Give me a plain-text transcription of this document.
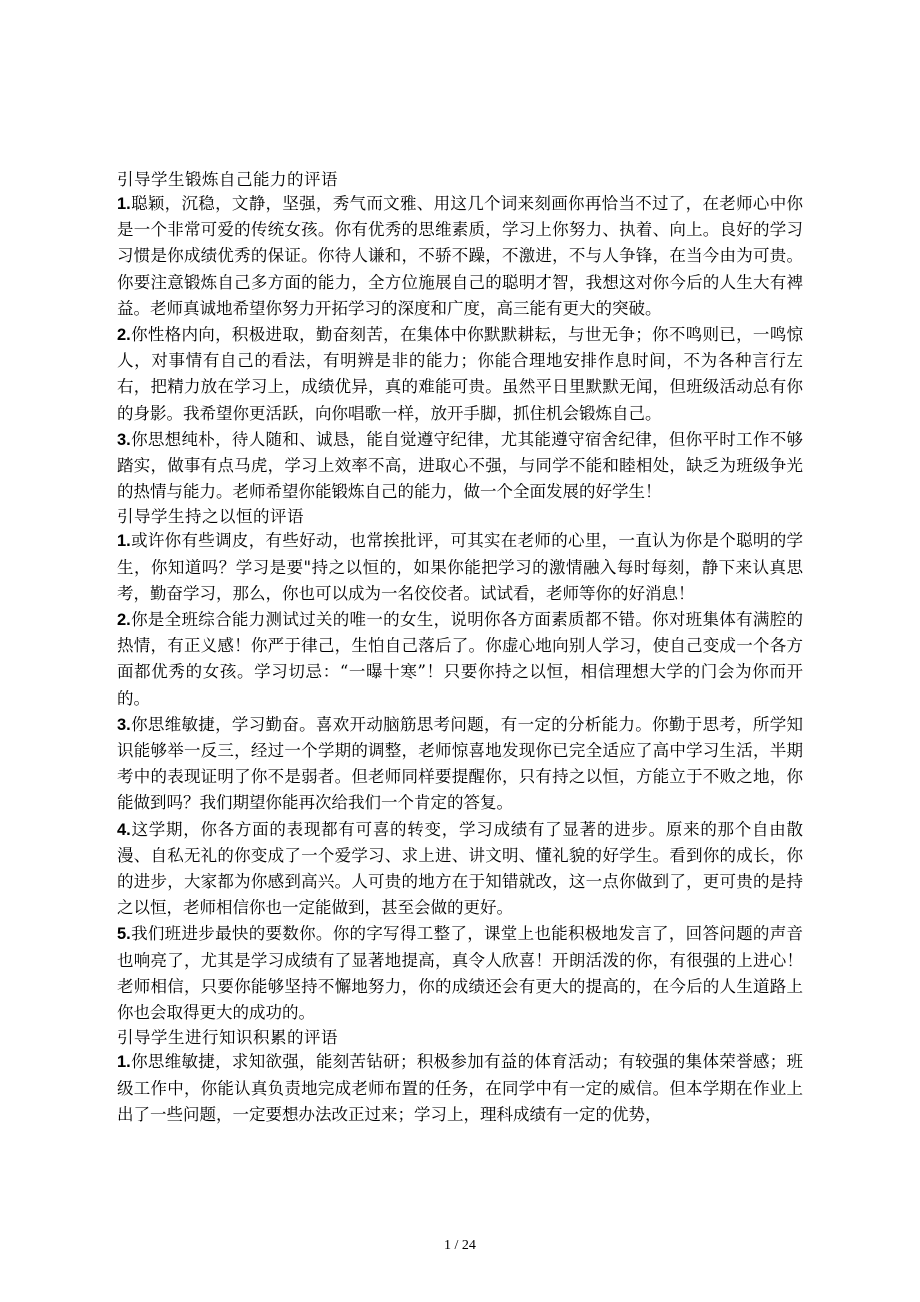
引导学生锻炼自己能力的评语

1.聪颖，沉稳，文静，坚强，秀气而文雅、用这几个词来刻画你再恰当不过了，在老师心中你是一个非常可爱的传统女孩。你有优秀的思维素质，学习上你努力、执着、向上。良好的学习习惯是你成绩优秀的保证。你待人谦和，不骄不躁，不激进，不与人争锋，在当今由为可贵。你要注意锻炼自己多方面的能力，全方位施展自己的聪明才智，我想这对你今后的人生大有裨益。老师真诚地希望你努力开拓学习的深度和广度，高三能有更大的突破。

2.你性格内向，积极进取，勤奋刻苦，在集体中你默默耕耘，与世无争；你不鸣则已，一鸣惊人，对事情有自己的看法，有明辨是非的能力；你能合理地安排作息时间，不为各种言行左右，把精力放在学习上，成绩优异，真的难能可贵。虽然平日里默默无闻，但班级活动总有你的身影。我希望你更活跃，向你唱歌一样，放开手脚，抓住机会锻炼自己。

3.你思想纯朴，待人随和、诚恳，能自觉遵守纪律，尤其能遵守宿舍纪律，但你平时工作不够踏实，做事有点马虎，学习上效率不高，进取心不强，与同学不能和睦相处，缺乏为班级争光的热情与能力。老师希望你能锻炼自己的能力，做一个全面发展的好学生！

引导学生持之以恒的评语

1.或许你有些调皮，有些好动，也常挨批评，可其实在老师的心里，一直认为你是个聪明的学生，你知道吗？学习是要"持之以恒的，如果你能把学习的激情融入每时每刻，静下来认真思考，勤奋学习，那么，你也可以成为一名佼佼者。试试看，老师等你的好消息！

2.你是全班综合能力测试过关的唯一的女生，说明你各方面素质都不错。你对班集体有满腔的热情，有正义感！你严于律己，生怕自己落后了。你虚心地向别人学习，使自己变成一个各方面都优秀的女孩。学习切忌：“一曝十寒”！只要你持之以恒，相信理想大学的门会为你而开的。

3.你思维敏捷，学习勤奋。喜欢开动脑筋思考问题，有一定的分析能力。你勤于思考，所学知识能够举一反三，经过一个学期的调整，老师惊喜地发现你已完全适应了高中学习生活，半期考中的表现证明了你不是弱者。但老师同样要提醒你，只有持之以恒，方能立于不败之地，你能做到吗？我们期望你能再次给我们一个肯定的答复。

4.这学期，你各方面的表现都有可喜的转变，学习成绩有了显著的进步。原来的那个自由散漫、自私无礼的你变成了一个爱学习、求上进、讲文明、懂礼貌的好学生。看到你的成长，你的进步，大家都为你感到高兴。人可贵的地方在于知错就改，这一点你做到了，更可贵的是持之以恒，老师相信你也一定能做到，甚至会做的更好。

5.我们班进步最快的要数你。你的字写得工整了，课堂上也能积极地发言了，回答问题的声音也响亮了，尤其是学习成绩有了显著地提高，真令人欣喜！开朗活泼的你，有很强的上进心！老师相信，只要你能够坚持不懈地努力，你的成绩还会有更大的提高的，在今后的人生道路上你也会取得更大的成功的。

引导学生进行知识积累的评语

1.你思维敏捷，求知欲强，能刻苦钻研；积极参加有益的体育活动；有较强的集体荣誉感；班级工作中，你能认真负责地完成老师布置的任务，在同学中有一定的威信。但本学期在作业上出了一些问题，一定要想办法改正过来；学习上，理科成绩有一定的优势，

1 / 24
